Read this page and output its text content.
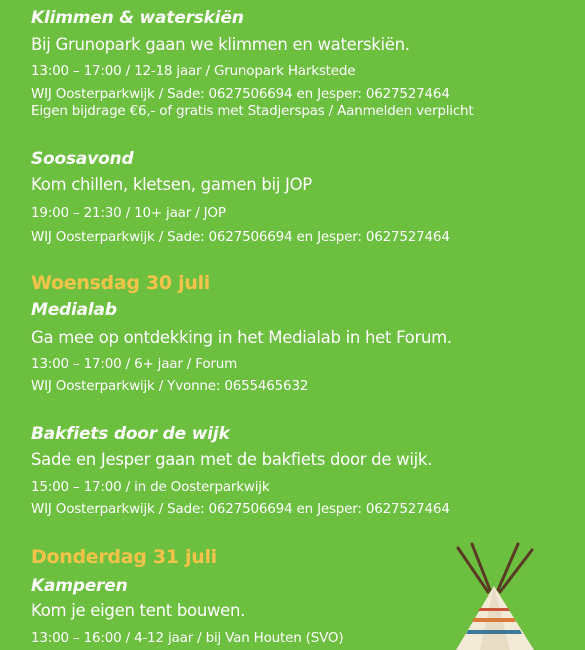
Klimmen & waterskiën
Bij Grunopark gaan we klimmen en waterskiën.
13:00 – 17:00 / 12-18 jaar / Grunopark Harkstede
WIJ Oosterparkwijk / Sade: 0627506694 en Jesper: 0627527464
Eigen bijdrage €6,- of gratis met Stadjerspas / Aanmelden verplicht
Soosavond
Kom chillen, kletsen, gamen bij JOP
19:00 – 21:30 / 10+ jaar / JOP
WIJ Oosterparkwijk / Sade: 0627506694 en Jesper: 0627527464
Woensdag 30 juli
Medialab
Ga mee op ontdekking in het Medialab in het Forum.
13:00 – 17:00 / 6+ jaar / Forum
WIJ Oosterparkwijk / Yvonne: 0655465632
Bakfiets door de wijk
Sade en Jesper gaan met de bakfiets door de wijk.
15:00 – 17:00 / in de Oosterparkwijk
WIJ Oosterparkwijk / Sade: 0627506694 en Jesper: 0627527464
Donderdag 31 juli
Kamperen
Kom je eigen tent bouwen.
13:00 – 16:00 / 4-12 jaar / bij Van Houten (SVO)
